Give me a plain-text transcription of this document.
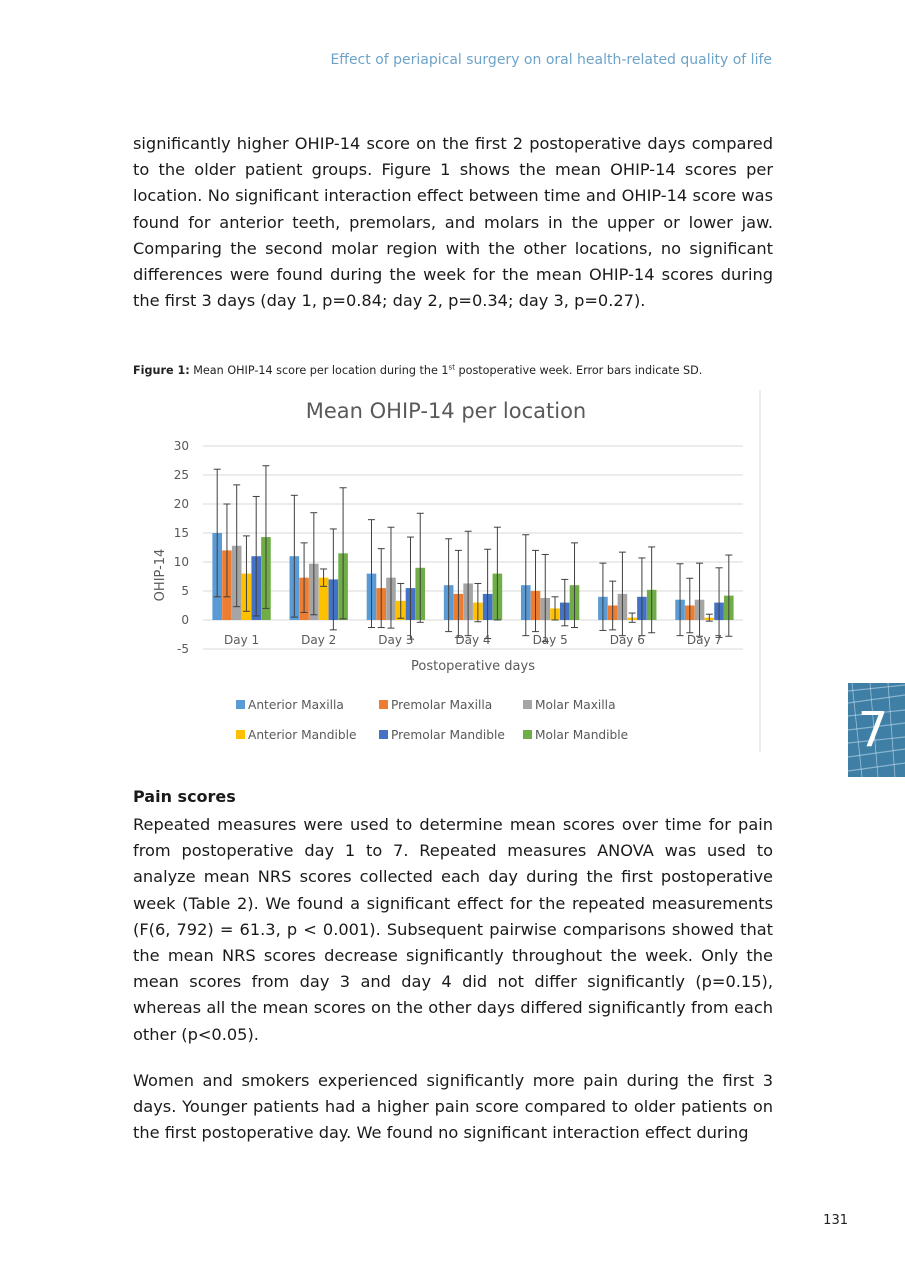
Effect of periapical surgery on oral health-related quality of life

significantly higher OHIP-14 score on the first 2 postoperative days compared to the older patient groups. Figure 1 shows the mean OHIP-14 scores per location. No significant interaction effect between time and OHIP-14 score was found for anterior teeth, premolars, and molars in the upper or lower jaw. Comparing the second molar region with the other locations, no significant differences were found during the week for the mean OHIP-14 scores during the first 3 days (day 1, p=0.84; day 2, p=0.34; day 3, p=0.27).

Figure 1: Mean OHIP-14 score per location during the 1st postoperative week. Error bars indicate SD.
Mean OHIP-14 per location
Postoperative days
OHIP-14
-5
0
5
10
15
20
25
30
Day 1	Day 2	Day 3	Day 4	Day 5	Day 6	Day 7
Anterior Maxilla	Premolar Maxilla	Molar Maxilla
Anterior Mandible	Premolar Mandible Molar Mandible
Pain scores

Repeated measures were used to determine mean scores over time for pain from postoperative day 1 to 7. Repeated measures ANOVA was used to analyze mean NRS scores collected each day during the first postoperative week (Table 2). We found a significant effect for the repeated measurements (F(6, 792) = 61.3, p < 0.001). Subsequent pairwise comparisons showed that the mean NRS scores decrease significantly throughout the week. Only the mean scores from day 3 and day 4 did not differ significantly (p=0.15), whereas all the mean scores on the other days differed significantly from each other (p<0.05).

Women and smokers experienced significantly more pain during the first 3 days. Younger patients had a higher pain score compared to older patients on the first postoperative day. We found no significant interaction effect during

7
131
